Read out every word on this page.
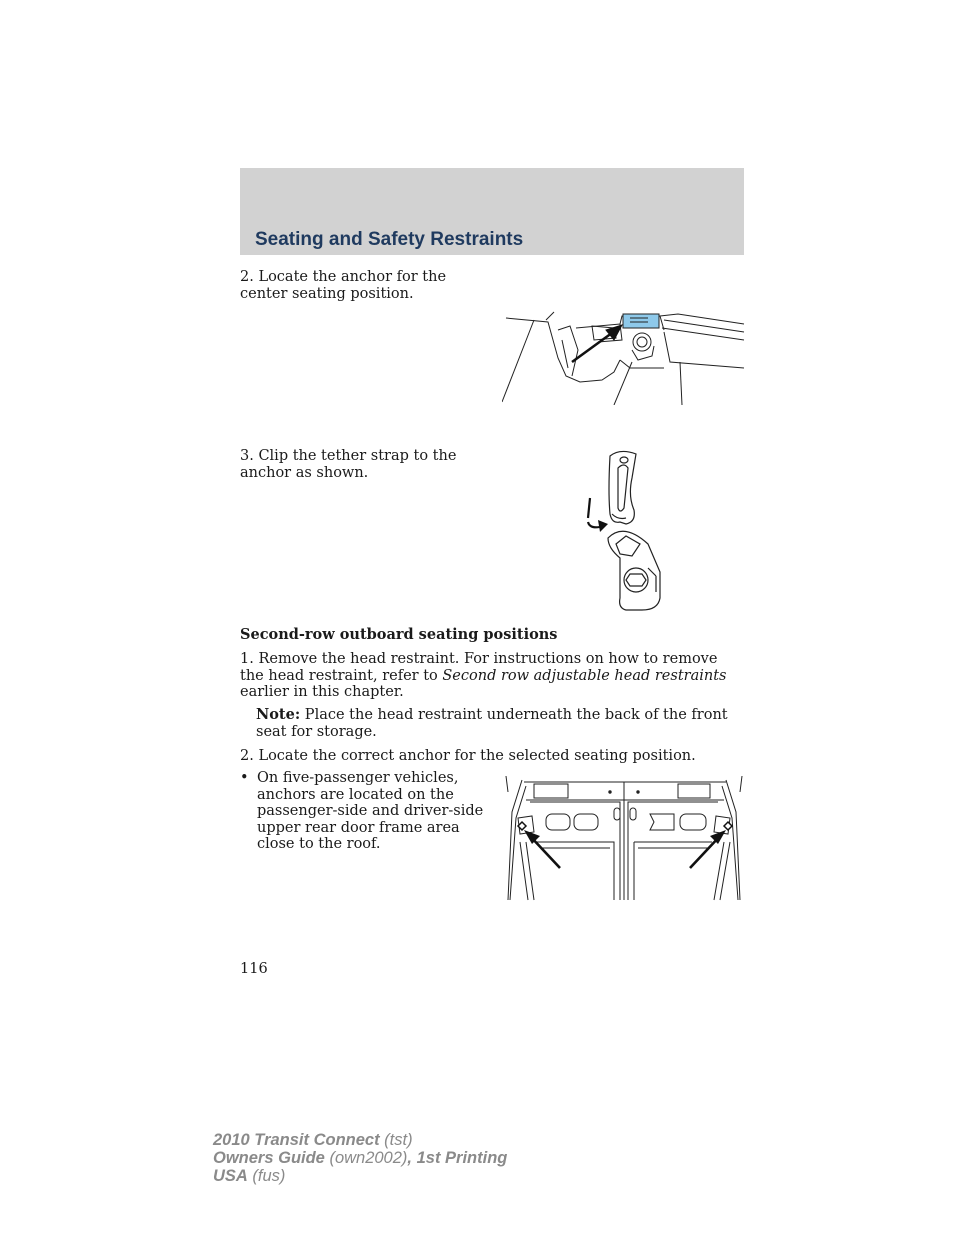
Seating and Safety Restraints
2. Locate the anchor for the center seating position.
3. Clip the tether strap to the anchor as shown.
Second-row outboard seating positions
1. Remove the head restraint. For instructions on how to remove the head restraint, refer to Second row adjustable head restraints earlier in this chapter.
Note: Place the head restraint underneath the back of the front seat for storage.
2. Locate the correct anchor for the selected seating position.
• On five-passenger vehicles, anchors are located on the passenger-side and driver-side upper rear door frame area close to the roof.
116
2010 Transit Connect (tst)
Owners Guide (own2002), 1st Printing
USA (fus)
